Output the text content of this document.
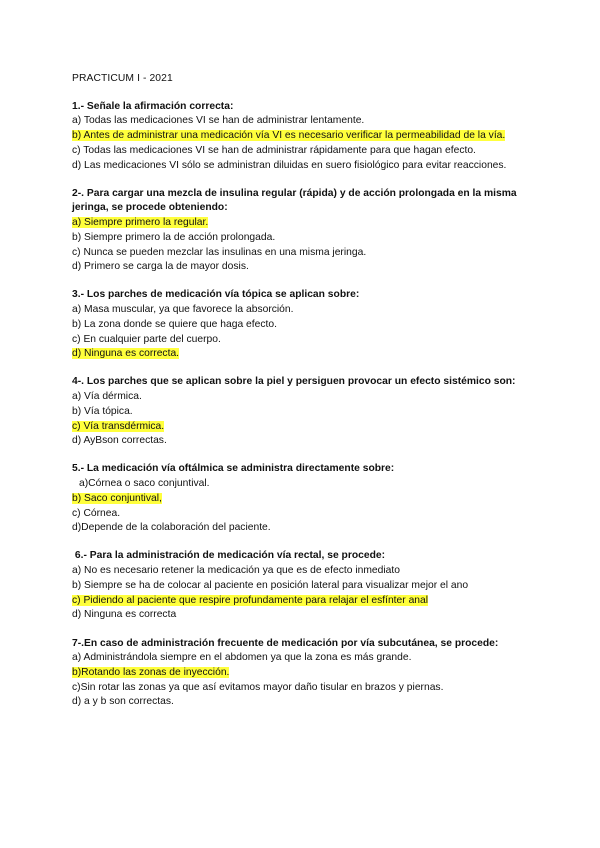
PRACTICUM I - 2021

1.- Señale la afirmación correcta:

a) Todas las medicaciones VI se han de administrar lentamente.

b) Antes de administrar una medicación vía VI es necesario verificar la permeabilidad de la vía.

c) Todas las medicaciones VI se han de administrar rápidamente para que hagan efecto.

d) Las medicaciones VI sólo se administran diluidas en suero fisiológico para evitar reacciones.

2-. Para cargar una mezcla de insulina regular (rápida) y de acción prolongada en la misma jeringa, se procede obteniendo:

a) Siempre primero la regular.

b) Siempre primero la de acción prolongada.

c) Nunca se pueden mezclar las insulinas en una misma jeringa.

d) Primero se carga la de mayor dosis.

3.- Los parches de medicación vía tópica se aplican sobre:

a) Masa muscular, ya que favorece la absorción.

b) La zona donde se quiere que haga efecto.

c) En cualquier parte del cuerpo.

d) Ninguna es correcta.

4-. Los parches que se aplican sobre la piel y persiguen provocar un efecto sistémico son:

a) Vía dérmica.

b) Vía tópica.

c) Vía transdérmica.

d) AyBson correctas.

5.- La medicación vía oftálmica se administra directamente sobre:

a)Córnea o saco conjuntival.

b) Saco conjuntival,

c) Córnea.

d)Depende de la colaboración del paciente.

6.- Para la administración de medicación vía rectal, se procede:

a) No es necesario retener la medicación ya que es de efecto inmediato

b) Siempre se ha de colocar al paciente en posición lateral para visualizar mejor el ano

c) Pidiendo al paciente que respire profundamente para relajar el esfínter anal

d) Ninguna es correcta

7-.En caso de administración frecuente de medicación por vía subcutánea, se procede:

a) Administrándola siempre en el abdomen ya que la zona es más grande.

b)Rotando las zonas de inyección.

c)Sin rotar las zonas ya que así evitamos mayor daño tisular en brazos y piernas.

d) a y b son correctas.
